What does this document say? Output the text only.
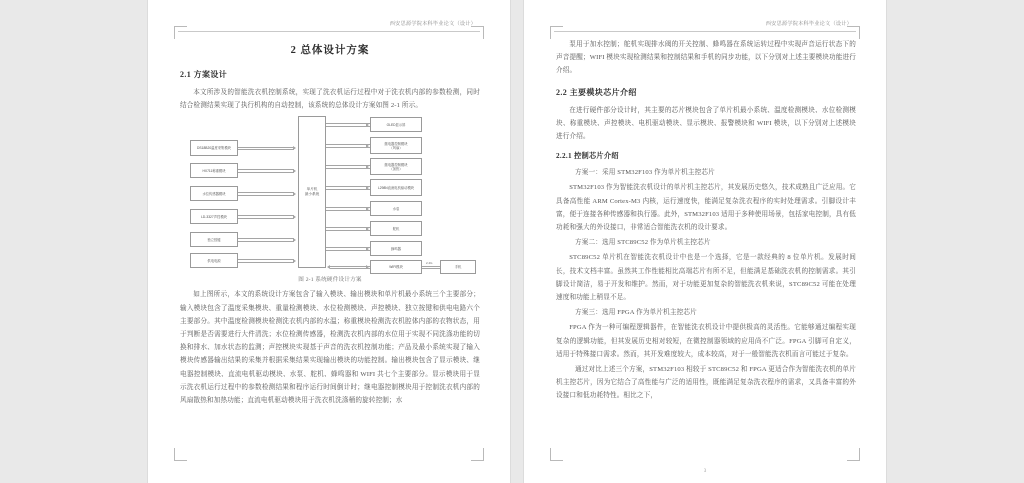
西安思源学院本科毕业论文（设计）
2 总体设计方案
2.1 方案设计

本文所涉及的智能洗衣机控制系统，实现了洗衣机运行过程中对于洗衣机内部的参数检测，同时结合检测结果实现了执行机构的自动控制，该系统的总体设计方案如图 2-1 所示。

单片机
最小系统
DS18B20温度采集模块
HX711称重模块
水位传感器模块
LD-3327声控模块
独立按键
供电电源
OLED显示屏
继电器控制模块
（风扇）
继电器控制模块
（加热）
L298N直流电机驱动模块
水泵
舵机
蜂鸣器
WIFI模块	手机
2.4G
图 2-1 系统硬件设计方案

如上图所示，本文的系统设计方案包含了输入模块、输出模块和单片机最小系统三个主要部分；输入模块包含了温度采集模块、重量检测模块、水位检测模块、声控模块、独立按键和供电电路六个主要部分。其中温度检测模块检测洗衣机内部的水温；称重模块检测洗衣机腔体内部的衣物状态，用于判断是否需要进行大件清洗；水位检测传感器，检测洗衣机内部的水位用于实现不同洗涤功能的切换和排水、加水状态的监测；声控模块实现基于声音的洗衣机控制功能；产品及最小系统实现了输入模块传感器输出结果的采集并根据采集结果实现输出模块的功能控制。输出模块包含了显示模块、继电器控制模块、直流电机驱动模块、水泵、舵机、蜂鸣器和 WIFI 共七个主要部分。显示模块用于显示洗衣机运行过程中的参数检测结果和程序运行时间倒计时；继电器控制模块用于控制洗衣机内部的风扇散热和加热功能；直流电机驱动模块用于洗衣机洗涤桶的旋转控制；水

西安思源学院本科毕业论文（设计）

泵用于加水控制；舵机实现排水阀的开关控制、蜂鸣器在系统运转过程中实现声音运行状态下的声音提醒；WIFI 模块实现检测结果和控制结果和手机的同步功能，以下分别对上述主要模块功能进行介绍。

2.2 主要模块芯片介绍

在进行硬件部分设计时，其主要的芯片模块包含了单片机最小系统、温度检测模块、水位检测模块、称重模块、声控模块、电机驱动模块、显示模块、报警模块和 WIFI 模块，以下分别对上述模块进行介绍。

2.2.1 控制芯片介绍

方案一：采用 STM32F103 作为单片机主控芯片

STM32F103 作为智能洗衣机设计的单片机主控芯片，其发展历史悠久，技术成熟且广泛应用。它具备高性能 ARM Cortex-M3 内核，运行速度快，能满足复杂洗衣程序的实时处理需求。引脚设计丰富，便于连接各种传感器和执行器。此外，STM32F103 适用于多种使用场景，包括家电控制，具有低功耗和强大的外设接口，非常适合智能洗衣机的设计要求。

方案二：选用 STC89C52 作为单片机主控芯片

STC89C52 单片机在智能洗衣机设计中也是一个选择，它是一款经典的 8 位单片机。发展时间长，技术文档丰富。虽然其工作性能相比高端芯片有所不足，但能满足基础洗衣机的控制需求。其引脚设计简洁，易于开发和维护。然而，对于功能更加复杂的智能洗衣机来说，STC89C52 可能在处理速度和功能上稍显不足。

方案三：选用 FPGA 作为单片机主控芯片

FPGA 作为一种可编程逻辑器件，在智能洗衣机设计中提供极高的灵活性。它能够通过编程实现复杂的逻辑功能，但其发展历史相对较短，在微控制器领域的应用尚不广泛。FPGA 引脚可自定义，适用于特殊接口需求。然而，其开发难度较大，成本较高，对于一般智能洗衣机而言可能过于复杂。

通过对比上述三个方案，STM32F103 相较于 STC89C52 和 FPGA 更适合作为智能洗衣机的单片机主控芯片，因为它结合了高性能与广泛的适用性，既能满足复杂洗衣程序的需求，又具备丰富的外设接口和低功耗特性。相比之下，

3
